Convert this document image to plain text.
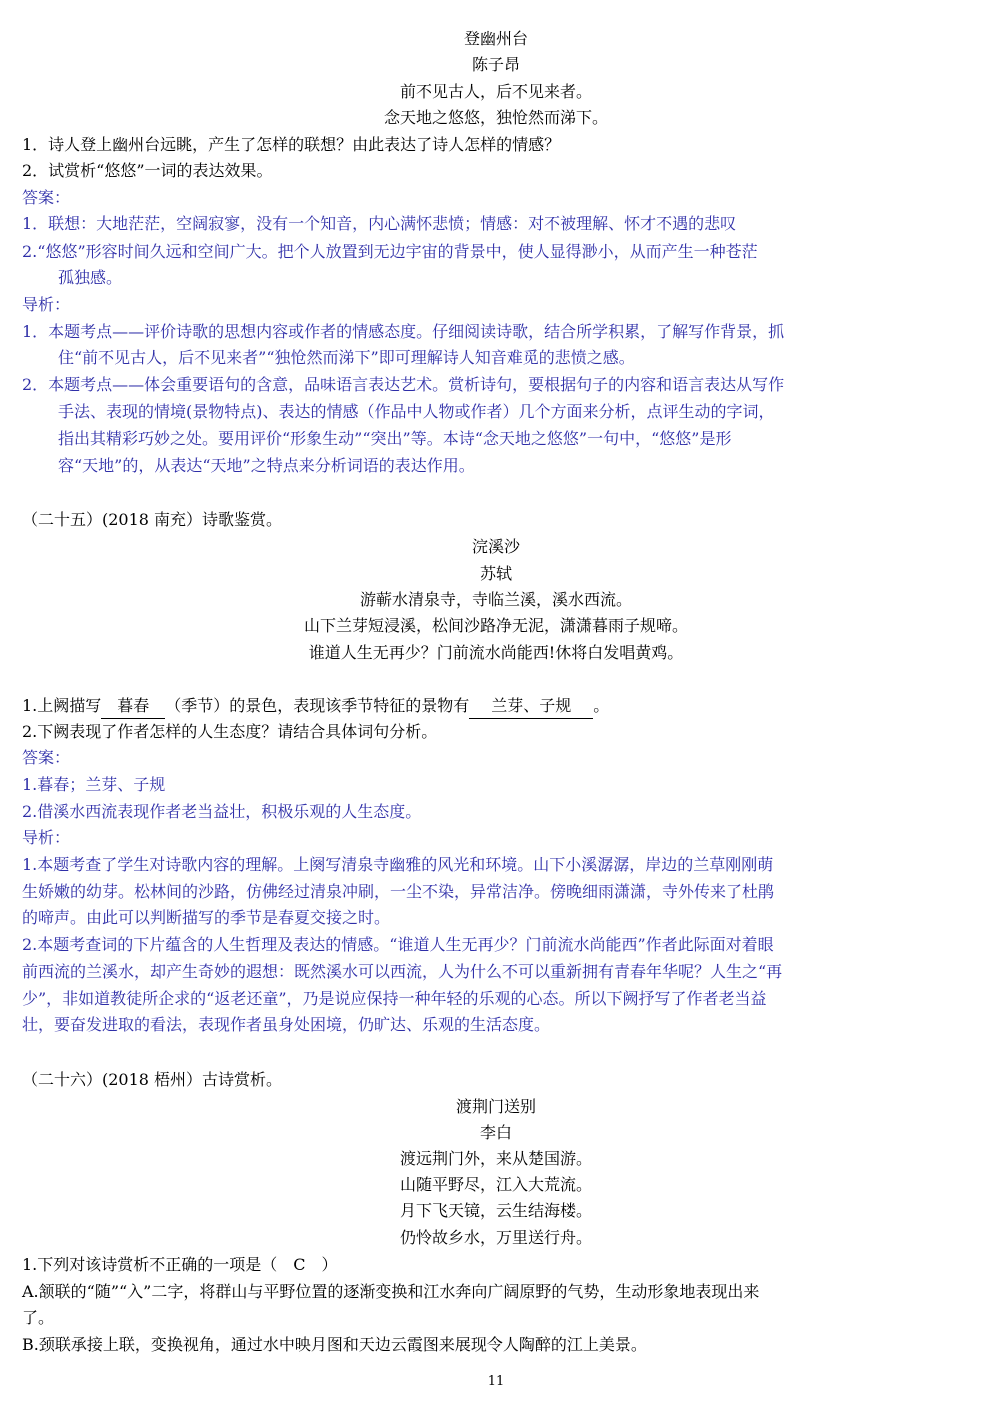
登幽州台
陈子昂
前不见古人，后不见来者。
念天地之悠悠，独怆然而涕下。
1．诗人登上幽州台远眺，产生了怎样的联想？由此表达了诗人怎样的情感？
2．试赏析“悠悠”一词的表达效果。
答案：
1．联想：大地茫茫，空阔寂寥，没有一个知音，内心满怀悲愤；情感：对不被理解、怀才不遇的悲叹
2.“悠悠”形容时间久远和空间广大。把个人放置到无边宇宙的背景中，使人显得渺小，从而产生一种苍茫
孤独感。
导析：
1．本题考点——评价诗歌的思想内容或作者的情感态度。仔细阅读诗歌，结合所学积累，了解写作背景，抓
住“前不见古人，后不见来者”“独怆然而涕下”即可理解诗人知音难觅的悲愤之感。
2．本题考点——体会重要语句的含意，品味语言表达艺术。赏析诗句，要根据句子的内容和语言表达从写作
手法、表现的情境(景物特点)、表达的情感（作品中人物或作者）几个方面来分析，点评生动的字词，
指出其精彩巧妙之处。要用评价“形象生动”“突出”等。本诗“念天地之悠悠”一句中，“悠悠”是形
容“天地”的，从表达“天地”之特点来分析词语的表达作用。
（二十五）(2018 南充）诗歌鉴赏。
浣溪沙
苏轼
游蕲水清泉寺，寺临兰溪，溪水西流。
山下兰芽短浸溪，松间沙路净无泥，潇潇暮雨子规啼。
谁道人生无再少？门前流水尚能西!休将白发唱黄鸡。
1.上阙描写 暮春 （季节）的景色，表现该季节特征的景物有 兰芽、子规 。
2.下阙表现了作者怎样的人生态度？请结合具体词句分析。
答案：
1.暮春；兰芽、子规
2.借溪水西流表现作者老当益壮，积极乐观的人生态度。
导析：
1.本题考查了学生对诗歌内容的理解。上阕写清泉寺幽雅的风光和环境。山下小溪潺潺，岸边的兰草刚刚萌
生娇嫩的幼芽。松林间的沙路，仿佛经过清泉冲刷，一尘不染，异常洁净。傍晚细雨潇潇，寺外传来了杜鹃
的啼声。由此可以判断描写的季节是春夏交接之时。
2.本题考查词的下片蕴含的人生哲理及表达的情感。“谁道人生无再少？门前流水尚能西”作者此际面对着眼
前西流的兰溪水，却产生奇妙的遐想：既然溪水可以西流，人为什么不可以重新拥有青春年华呢？人生之“再
少”，非如道教徒所企求的“返老还童”，乃是说应保持一种年轻的乐观的心态。所以下阙抒写了作者老当益
壮，要奋发进取的看法，表现作者虽身处困境，仍旷达、乐观的生活态度。
（二十六）(2018 梧州）古诗赏析。
渡荆门送别
李白
渡远荆门外，来从楚国游。
山随平野尽，江入大荒流。
月下飞天镜，云生结海楼。
仍怜故乡水，万里送行舟。
1.下列对该诗赏析不正确的一项是（　C　）
A.颔联的“随”“入”二字，将群山与平野位置的逐渐变换和江水奔向广阔原野的气势，生动形象地表现出来
了。
B.颈联承接上联，变换视角，通过水中映月图和天边云霞图来展现令人陶醉的江上美景。
11
